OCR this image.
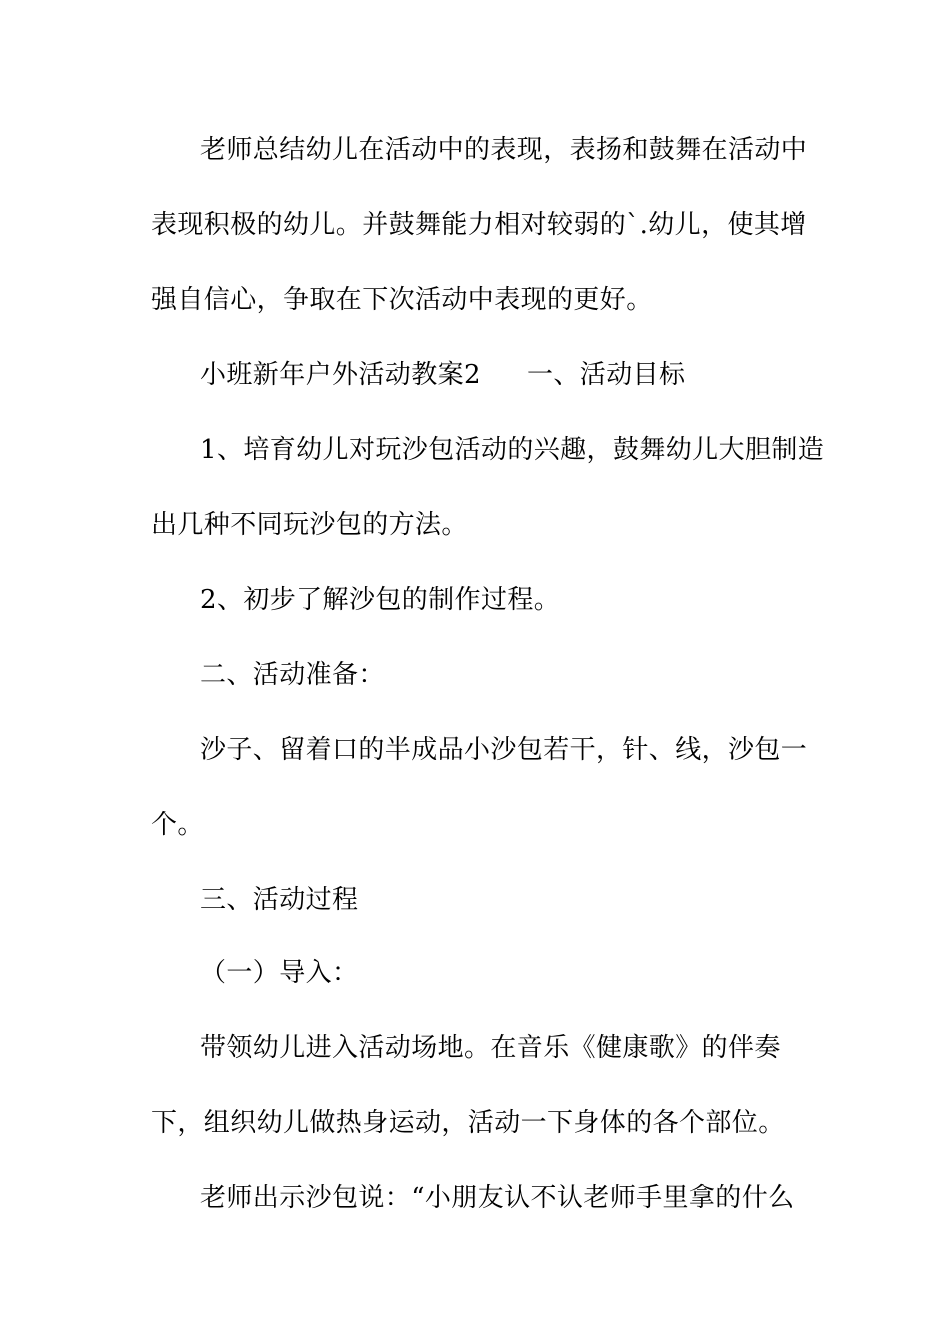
老师总结幼儿在活动中的表现，表扬和鼓舞在活动中
表现积极的幼儿。并鼓舞能力相对较弱的`.幼儿，使其增
强自信心，争取在下次活动中表现的更好。
小班新年户外活动教案2 一、活动目标
1、培育幼儿对玩沙包活动的兴趣，鼓舞幼儿大胆制造
出几种不同玩沙包的方法。
2、初步了解沙包的制作过程。
二、活动准备：
沙子、留着口的半成品小沙包若干，针、线，沙包一
个。
三、活动过程
（一）导入：
带领幼儿进入活动场地。在音乐《健康歌》的伴奏
下，组织幼儿做热身运动，活动一下身体的各个部位。
老师出示沙包说：“小朋友认不认老师手里拿的什么
